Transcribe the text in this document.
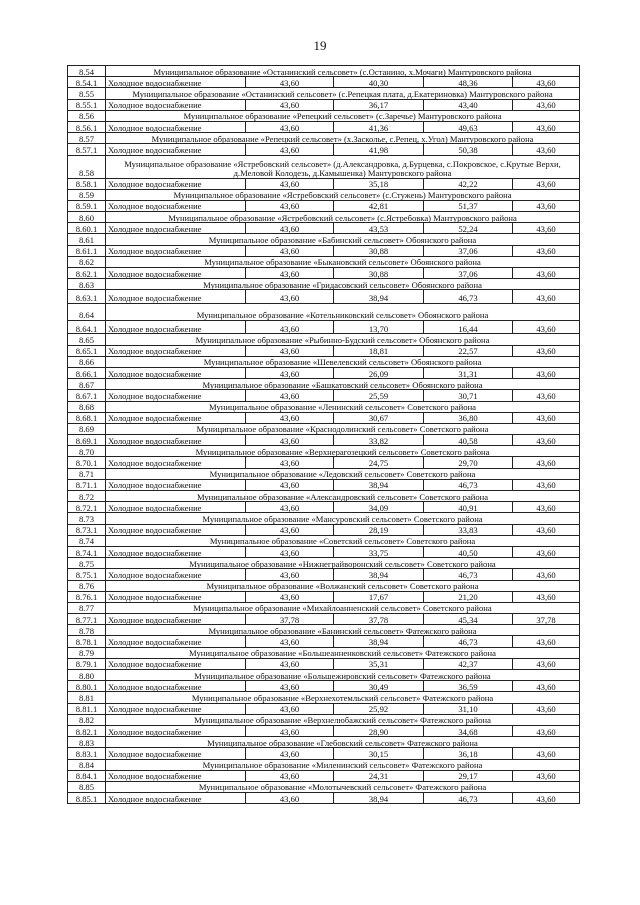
19
8.54	Муниципальное образование «Останинский сельсовет» (с.Останино, х.Мочаги) Мантуровского района				
8.54.1	Холодное водоснабжение	43,60	40,30	48,36	43,60
8.55	Муниципальное образование «Останинский сельсовет» (с.Репецкая плата, д.Екатериновка) Мантуровского района				
8.55.1	Холодное водоснабжение	43,60	36,17	43,40	43,60
8.56	Муниципальное образование «Репецкий сельсовет» (с.Заречье) Мантуровского района				
8.56.1	Холодное водоснабжение	43,60	41,36	49,63	43,60
8.57	Муниципальное образование «Репецкий сельсовет» (х.Засколье, с.Репец, х.Угол) Мантуровского района				
8.57.1	Холодное водоснабжение	43,60	41,98	50,38	43,60
8.58	Муниципальное образование «Ястребовский сельсовет» (д.Александровка, д.Бурцевка, с.Покровское, с.Крутые Верхи, д.Меловой Колодезь, д.Камышенка) Мантуровского района				
8.58.1	Холодное водоснабжение	43,60	35,18	42,22	43,60
8.59	Муниципальное образование «Ястребовский сельсовет» (с.Стужень) Мантуровского района				
8.59.1	Холодное водоснабжение	43,60	42,81	51,37	43,60
8.60	Муниципальное образование «Ястребовский сельсовет» (с.Ястребовка) Мантуровского района				
8.60.1	Холодное водоснабжение	43,60	43,53	52,24	43,60
8.61	Муниципальное образование «Бабинский сельсовет» Обоянского района				
8.61.1	Холодное водоснабжение	43,60	30,88	37,06	43,60
8.62	Муниципальное образование «Быкановский сельсовет» Обоянского района				
8.62.1	Холодное водоснабжение	43,60	30,88	37,06	43,60
8.63	Муниципальное образование «Гридасовский сельсовет» Обоянского района				
8.63.1	Холодное водоснабжение	43,60	38,94	46,73	43,60
8.64	Муниципальное образование «Котельниковский сельсовет» Обоянского района				
8.64.1	Холодное водоснабжение	43,60	13,70	16,44	43,60
8.65	Муниципальное образование «Рыбинно-Будский сельсовет» Обоянского района				
8.65.1	Холодное водоснабжение	43,60	18,81	22,57	43,60
8.66	Муниципальное образование «Шевелевский сельсовет» Обоянского района				
8.66.1	Холодное водоснабжение	43,60	26,09	31,31	43,60
8.67	Муниципальное образование «Башкатовский сельсовет» Обоянского района				
8.67.1	Холодное водоснабжение	43,60	25,59	30,71	43,60
8.68	Муниципальное образование «Ленинский сельсовет» Советского района				
8.68.1	Холодное водоснабжение	43,60	30,67	36,80	43,60
8.69	Муниципальное образование «Краснодолинский сельсовет» Советского района				
8.69.1	Холодное водоснабжение	43,60	33,82	40,58	43,60
8.70	Муниципальное образование «Верхнерагозецкий сельсовет» Советского района				
8.70.1	Холодное водоснабжение	43,60	24,75	29,70	43,60
8.71	Муниципальное образование «Ледовский сельсовет» Советского района				
8.71.1	Холодное водоснабжение	43,60	38,94	46,73	43,60
8.72	Муниципальное образование «Александровский сельсовет» Советского района				
8.72.1	Холодное водоснабжение	43,60	34,09	40,91	43,60
8.73	Муниципальное образование «Мансуровский сельсовет» Советского района				
8.73.1	Холодное водоснабжение	43,60	28,19	33,83	43,60
8.74	Муниципальное образование «Советский сельсовет» Советского района				
8.74.1	Холодное водоснабжение	43,60	33,75	40,50	43,60
8.75	Муниципальное образование «Нижнеграйворонский сельсовет» Советского района				
8.75.1	Холодное водоснабжение	43,60	38,94	46,73	43,60
8.76	Муниципальное образование «Волжанский сельсовет» Советского района				
8.76.1	Холодное водоснабжение	43,60	17,67	21,20	43,60
8.77	Муниципальное образование «Михайлоанненский сельсовет» Советского района				
8.77.1	Холодное водоснабжение	37,78	37,78	45,34	37,78
8.78	Муниципальное образование «Банинский сельсовет» Фатежского района				
8.78.1	Холодное водоснабжение	43,60	38,94	46,73	43,60
8.79	Муниципальное образование «Большеанненковский сельсовет» Фатежского района				
8.79.1	Холодное водоснабжение	43,60	35,31	42,37	43,60
8.80	Муниципальное образование «Большежировский сельсовет» Фатежского района				
8.80.1	Холодное водоснабжение	43,60	30,49	36,59	43,60
8.81	Муниципальное образование «Верхнехотемльский сельсовет» Фатежского района				
8.81.1	Холодное водоснабжение	43,60	25,92	31,10	43,60
8.82	Муниципальное образование «Верхнелюбажский сельсовет» Фатежского района				
8.82.1	Холодное водоснабжение	43,60	28,90	34,68	43,60
8.83	Муниципальное образование «Глебовский сельсовет» Фатежского района				
8.83.1	Холодное водоснабжение	43,60	30,15	36,18	43,60
8.84	Муниципальное образование «Миленинский сельсовет» Фатежского района				
8.84.1	Холодное водоснабжение	43,60	24,31	29,17	43,60
8.85	Муниципальное образование «Молотычевский сельсовет» Фатежского района				
8.85.1	Холодное водоснабжение	43,60	38,94	46,73	43,60
